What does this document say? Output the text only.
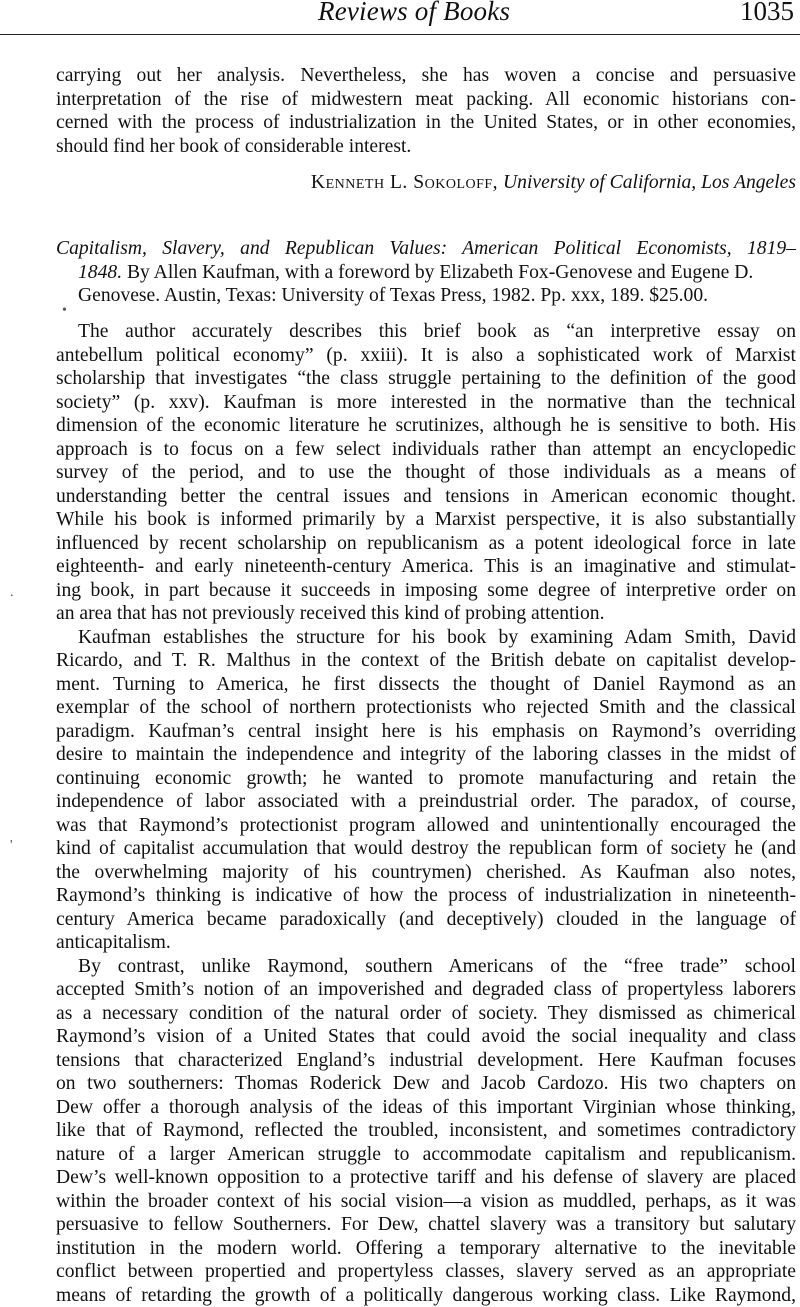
Reviews of Books	1035
carrying out her analysis. Nevertheless, she has woven a concise and persuasive
interpretation of the rise of midwestern meat packing. All economic historians con-
cerned with the process of industrialization in the United States, or in other economies,
should find her book of considerable interest.
Kenneth L. Sokoloff, University of California, Los Angeles
Capitalism, Slavery, and Republican Values: American Political Economists, 1819–
1848. By Allen Kaufman, with a foreword by Elizabeth Fox-Genovese and Eugene D.
Genovese. Austin, Texas: University of Texas Press, 1982. Pp. xxx, 189. $25.00.
•
.
'
The author accurately describes this brief book as “an interpretive essay on
antebellum political economy” (p. xxiii). It is also a sophisticated work of Marxist
scholarship that investigates “the class struggle pertaining to the definition of the good
society” (p. xxv). Kaufman is more interested in the normative than the technical
dimension of the economic literature he scrutinizes, although he is sensitive to both. His
approach is to focus on a few select individuals rather than attempt an encyclopedic
survey of the period, and to use the thought of those individuals as a means of
understanding better the central issues and tensions in American economic thought.
While his book is informed primarily by a Marxist perspective, it is also substantially
influenced by recent scholarship on republicanism as a potent ideological force in late
eighteenth- and early nineteenth-century America. This is an imaginative and stimulat-
ing book, in part because it succeeds in imposing some degree of interpretive order on
an area that has not previously received this kind of probing attention.
Kaufman establishes the structure for his book by examining Adam Smith, David
Ricardo, and T. R. Malthus in the context of the British debate on capitalist develop-
ment. Turning to America, he first dissects the thought of Daniel Raymond as an
exemplar of the school of northern protectionists who rejected Smith and the classical
paradigm. Kaufman’s central insight here is his emphasis on Raymond’s overriding
desire to maintain the independence and integrity of the laboring classes in the midst of
continuing economic growth; he wanted to promote manufacturing and retain the
independence of labor associated with a preindustrial order. The paradox, of course,
was that Raymond’s protectionist program allowed and unintentionally encouraged the
kind of capitalist accumulation that would destroy the republican form of society he (and
the overwhelming majority of his countrymen) cherished. As Kaufman also notes,
Raymond’s thinking is indicative of how the process of industrialization in nineteenth-
century America became paradoxically (and deceptively) clouded in the language of
anticapitalism.
By contrast, unlike Raymond, southern Americans of the “free trade” school
accepted Smith’s notion of an impoverished and degraded class of propertyless laborers
as a necessary condition of the natural order of society. They dismissed as chimerical
Raymond’s vision of a United States that could avoid the social inequality and class
tensions that characterized England’s industrial development. Here Kaufman focuses
on two southerners: Thomas Roderick Dew and Jacob Cardozo. His two chapters on
Dew offer a thorough analysis of the ideas of this important Virginian whose thinking,
like that of Raymond, reflected the troubled, inconsistent, and sometimes contradictory
nature of a larger American struggle to accommodate capitalism and republicanism.
Dew’s well-known opposition to a protective tariff and his defense of slavery are placed
within the broader context of his social vision—a vision as muddled, perhaps, as it was
persuasive to fellow Southerners. For Dew, chattel slavery was a transitory but salutary
institution in the modern world. Offering a temporary alternative to the inevitable
conflict between propertied and propertyless classes, slavery served as an appropriate
means of retarding the growth of a politically dangerous working class. Like Raymond,
